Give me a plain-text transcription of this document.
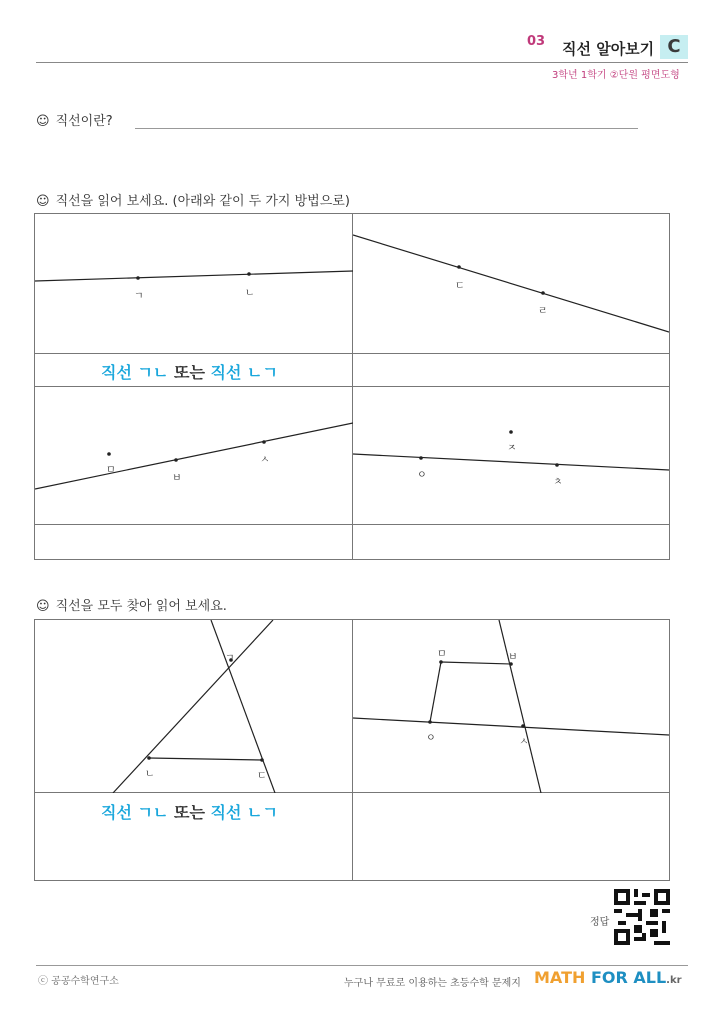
03 직선 알아보기 C
3학년 1학기 ②단원 평면도형
☺ 직선이란?
☺ 직선을 읽어 보세요. (아래와 같이 두 가지 방법으로)
ㄱ	ㄴ
ㄷ
ㄹ
직선 ㄱㄴ 또는 직선 ㄴㄱ
ㅁ
ㅂ
ㅅ
ㅇ
ㅈ
ㅊ
☺ 직선을 모두 찾아 읽어 보세요.
ㄱ
ㄴ	ㄷ
ㅁ	ㅂ
ㅇ	ㅅ
직선 ㄱㄴ 또는 직선 ㄴㄱ
정답
ⓒ 공공수학연구소	누구나 무료로 이용하는 초등수학 문제지 MATH FOR ALL.kr
